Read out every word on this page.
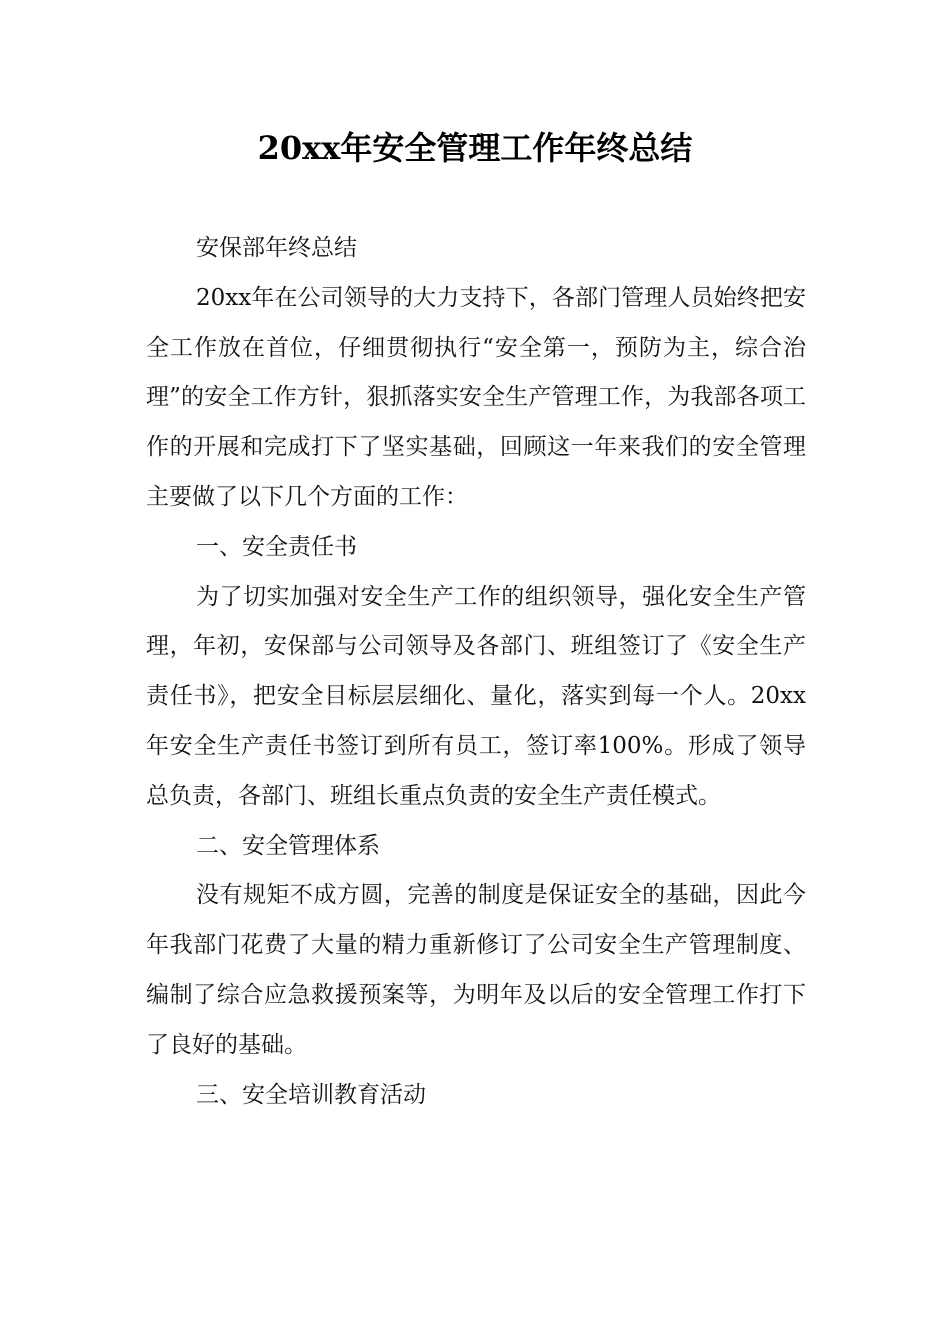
20xx年安全管理工作年终总结

安保部年终总结

20xx年在公司领导的大力支持下，各部门管理人员始终把安全工作放在首位，仔细贯彻执行“安全第一，预防为主，综合治理”的安全工作方针，狠抓落实安全生产管理工作，为我部各项工作的开展和完成打下了坚实基础，回顾这一年来我们的安全管理主要做了以下几个方面的工作：

一、安全责任书

为了切实加强对安全生产工作的组织领导，强化安全生产管理，年初，安保部与公司领导及各部门、班组签订了《安全生产责任书》，把安全目标层层细化、量化，落实到每一个人。20xx年安全生产责任书签订到所有员工，签订率100%。形成了领导总负责，各部门、班组长重点负责的安全生产责任模式。

二、安全管理体系

没有规矩不成方圆，完善的制度是保证安全的基础，因此今年我部门花费了大量的精力重新修订了公司安全生产管理制度、编制了综合应急救援预案等，为明年及以后的安全管理工作打下了良好的基础。

三、安全培训教育活动
